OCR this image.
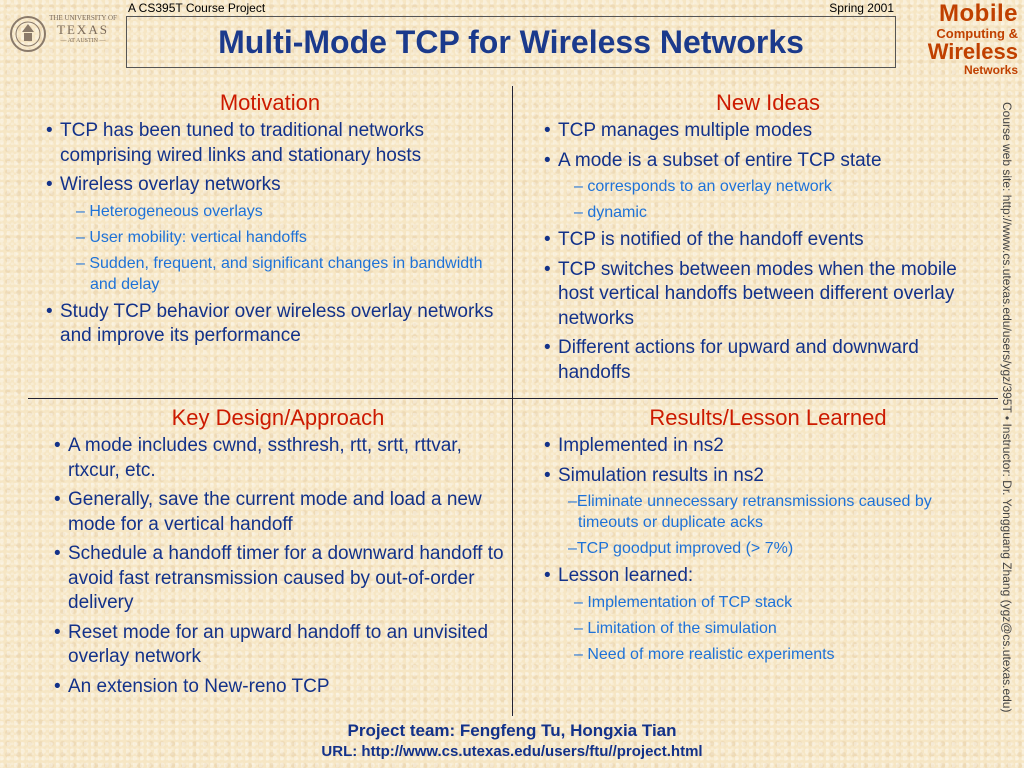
THE UNIVERSITY OF
TEXAS
— AT AUSTIN —
A CS395T Course Project	Spring 2001
Multi-Mode TCP for Wireless Networks
Mobile
Computing &
Wireless
Networks
Motivation
• TCP has been tuned to traditional networks comprising wired links and stationary hosts
• Wireless overlay networks
– Heterogeneous overlays
– User mobility: vertical handoffs
– Sudden, frequent, and significant changes in bandwidth and delay
• Study TCP behavior over wireless overlay networks and improve its performance
New Ideas
• TCP manages multiple modes
• A mode is a subset of entire TCP state
– corresponds to an overlay network
– dynamic
• TCP is notified of the handoff events
• TCP switches between modes when the mobile host vertical handoffs between different overlay networks
• Different actions for upward and downward handoffs
Key Design/Approach
• A mode includes cwnd, ssthresh, rtt, srtt, rttvar, rtxcur, etc.
• Generally, save the current mode and load a new mode for a vertical handoff
• Schedule a handoff timer for a downward handoff to avoid fast retransmission caused by out-of-order delivery
• Reset mode for an upward handoff to an unvisited overlay network
• An extension to New-reno TCP
Results/Lesson Learned
• Implemented in ns2
• Simulation results in ns2
–Eliminate unnecessary retransmissions caused by timeouts or duplicate acks
–TCP goodput improved (> 7%)
• Lesson learned:
– Implementation of TCP stack
– Limitation of the simulation
– Need of more realistic experiments	Course web site: http://www.cs.utexas.edu/users/ygz/395T • Instructor: Dr. Yongguang Zhang (ygz@cs.utexas.edu)
Project team: Fengfeng Tu, Hongxia Tian
URL: http://www.cs.utexas.edu/users/ftu//project.html
